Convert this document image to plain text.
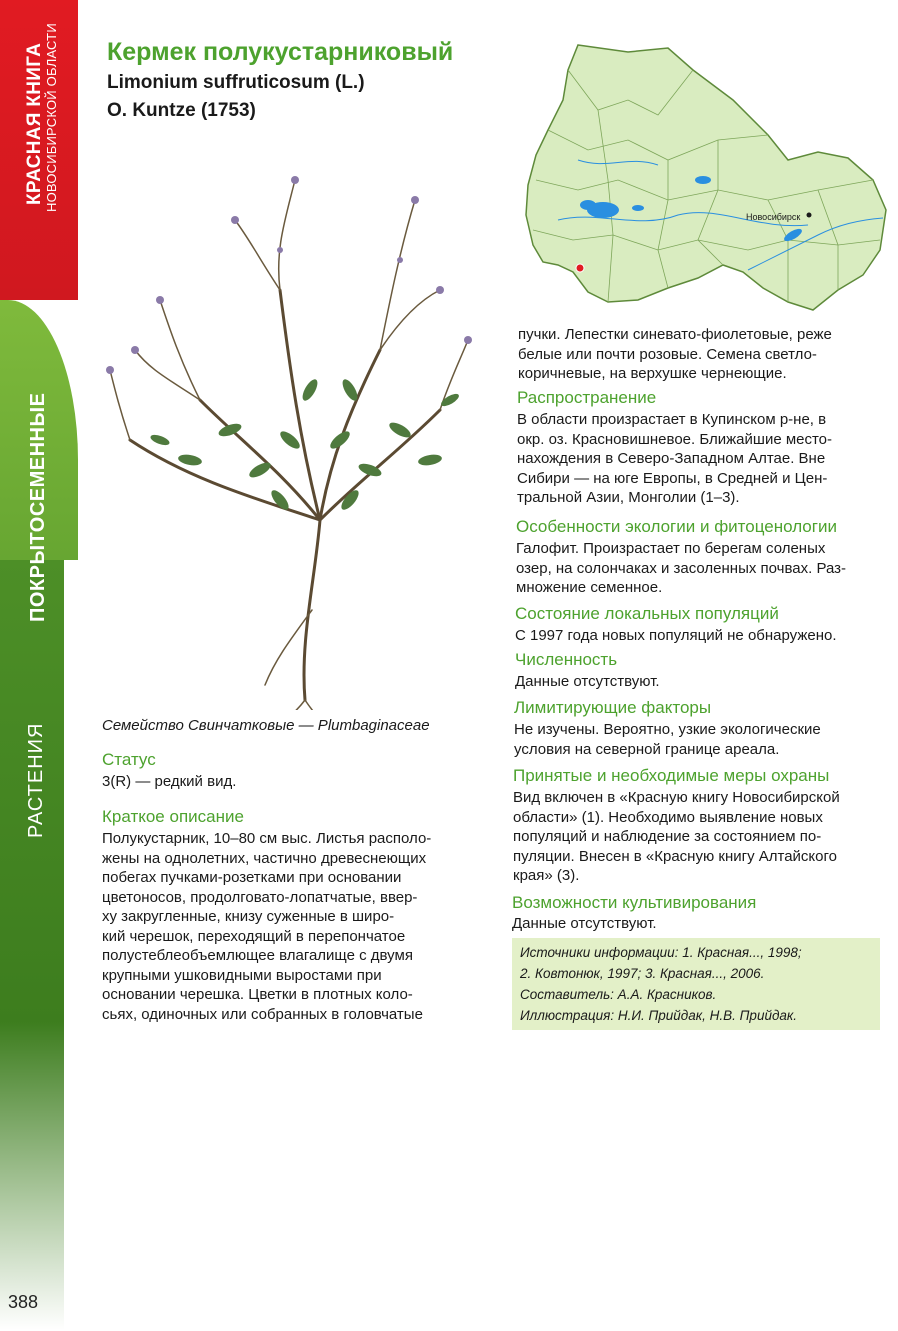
КРАСНАЯ КНИГА НОВОСИБИРСКОЙ ОБЛАСТИ
ПОКРЫТОСЕМЕННЫЕ
РАСТЕНИЯ
388
Кермек полукустарниковый
Limonium suffruticosum (L.)
O. Kuntze (1753)
Семейство Свинчатковые — Plumbaginaceae
Статус
3(R) — редкий вид.
Краткое описание
Полукустарник, 10–80 см выс. Листья располо-
жены на однолетних, частично древеснеющих
побегах пучками-розетками при основании
цветоносов, продолговато-лопатчатые, ввер-
ху закругленные, книзу суженные в широ-
кий черешок, переходящий в перепончатое
полустеблеобъемлющее влагалище с двумя
крупными ушковидными выростами при
основании черешка. Цветки в плотных коло-
сьях, одиночных или собранных в головчатые
Новосибирск
пучки. Лепестки синевато-фиолетовые, реже
белые или почти розовые. Семена светло-
коричневые, на верхушке чернеющие.
Распространение
В области произрастает в Купинском р-не, в
окр. оз. Красновишневое. Ближайшие место-
нахождения в Северо-Западном Алтае. Вне
Сибири — на юге Европы, в Средней и Цен-
тральной Азии, Монголии (1–3).
Особенности экологии и фитоценологии
Галофит. Произрастает по берегам соленых
озер, на солончаках и засоленных почвах. Раз-
множение семенное.
Состояние локальных популяций
С 1997 года новых популяций не обнаружено.
Численность
Данные отсутствуют.
Лимитирующие факторы
Не изучены. Вероятно, узкие экологические
условия на северной границе ареала.
Принятые и необходимые меры охраны
Вид включен в «Красную книгу Новосибирской
области» (1). Необходимо выявление новых
популяций и наблюдение за состоянием по-
пуляции. Внесен в «Красную книгу Алтайского
края» (3).
Возможности культивирования
Данные отсутствуют.
Источники информации: 1. Красная..., 1998;
2. Ковтонюк, 1997; 3. Красная..., 2006.
Составитель: А.А. Красников.
Иллюстрация: Н.И. Прийдак, Н.В. Прийдак.
